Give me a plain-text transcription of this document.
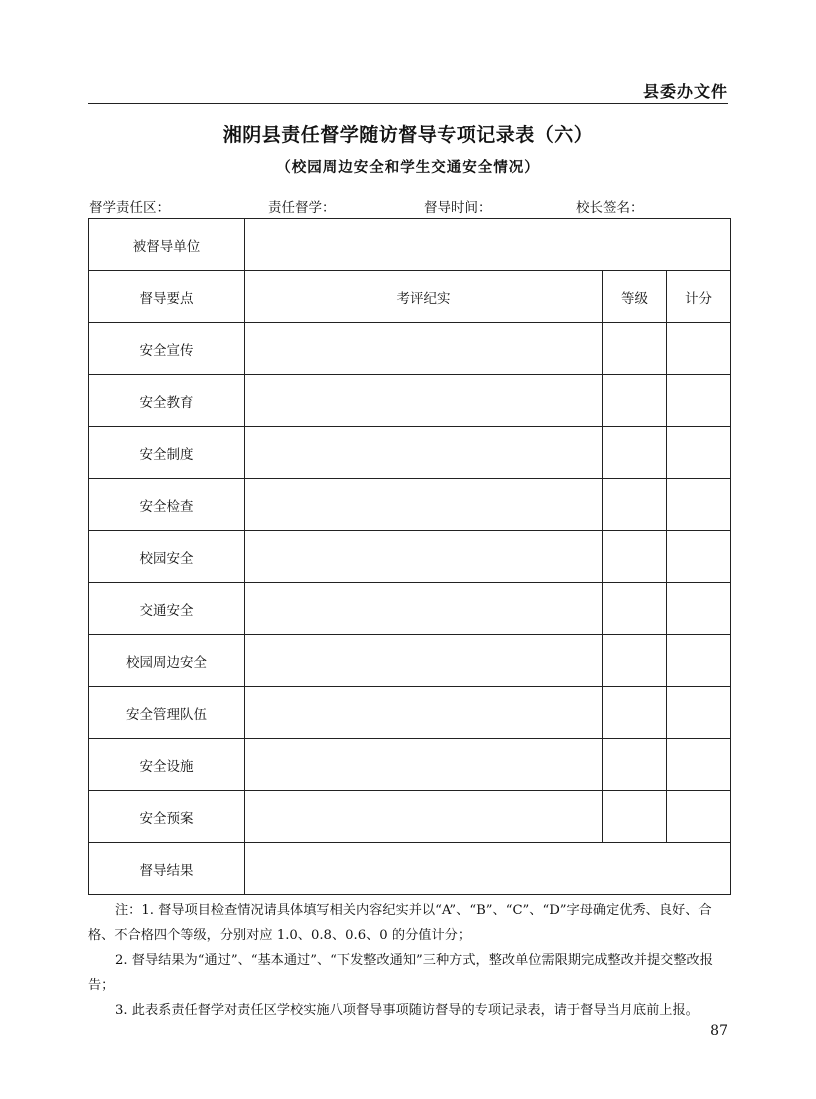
县委办文件
湘阴县责任督学随访督导专项记录表（六）
（校园周边安全和学生交通安全情况）
督学责任区：	责任督学：	督导时间：	校长签名：
被督导单位			
督导要点	考评纪实	等级	计分
安全宣传			
安全教育			
安全制度			
安全检查			
校园安全			
交通安全			
校园周边安全			
安全管理队伍			
安全设施			
安全预案			
督导结果			

注：1. 督导项目检查情况请具体填写相关内容纪实并以“A”、“B”、“C”、“D”字母确定优秀、良好、合格、不合格四个等级，分别对应 1.0、0.8、0.6、0 的分值计分；

2. 督导结果为“通过”、“基本通过”、“下发整改通知”三种方式，整改单位需限期完成整改并提交整改报告；

3. 此表系责任督学对责任区学校实施八项督导事项随访督导的专项记录表，请于督导当月底前上报。

87
